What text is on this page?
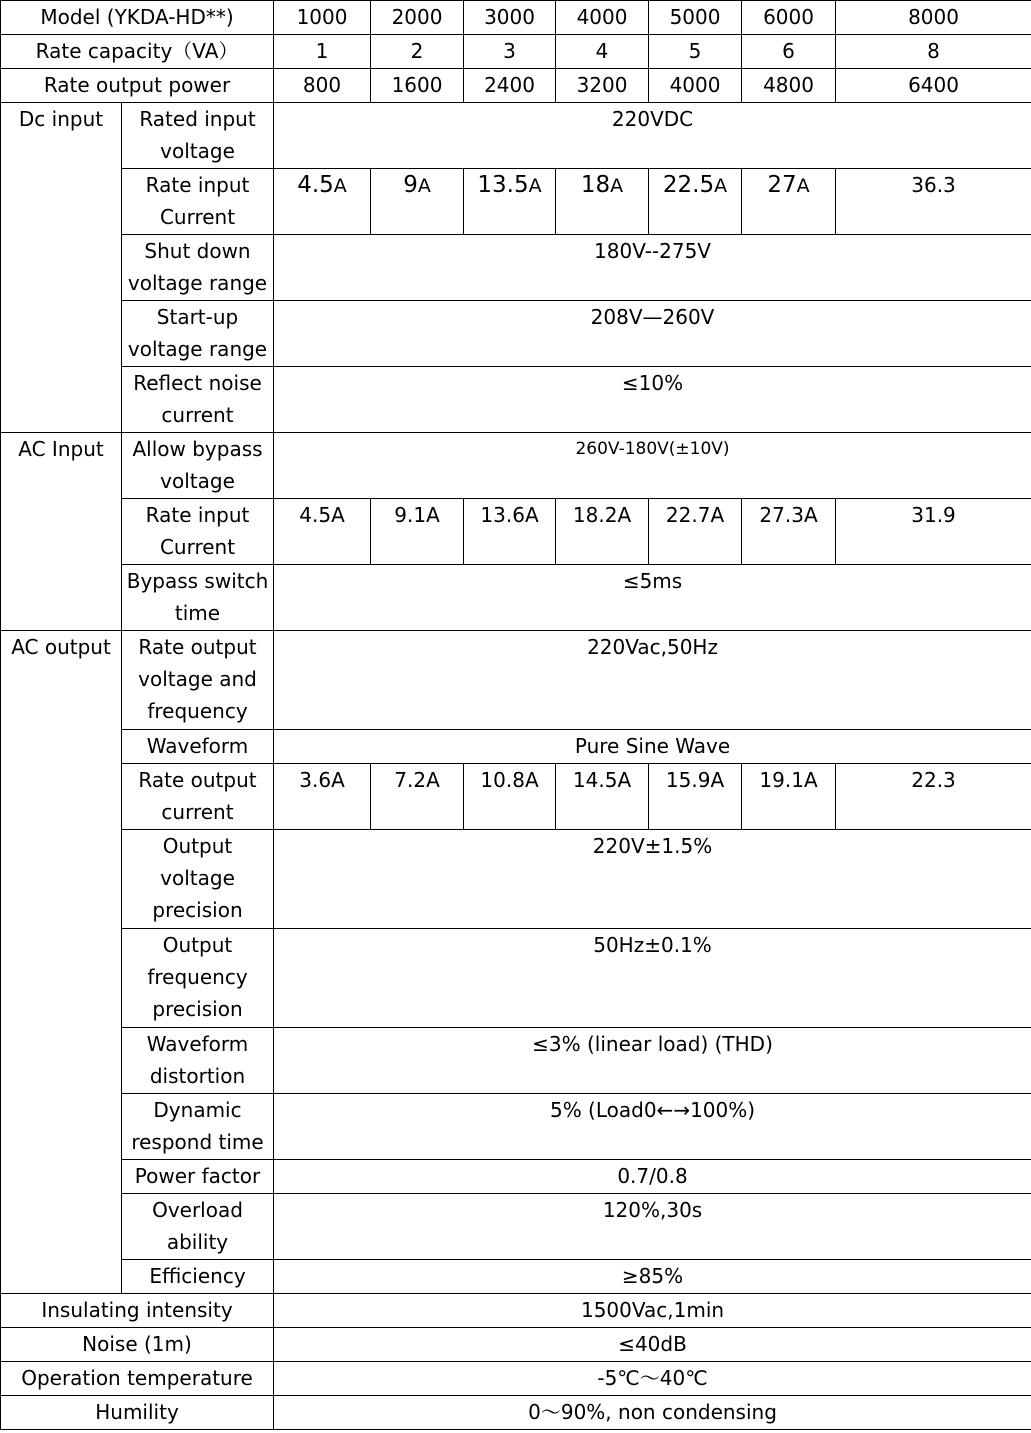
Model (YKDA-HD**)		1000	2000	3000	4000	5000	6000	8000
Rate capacity（VA）		1	2	3	4	5	6	8
Rate output power		800	1600	2400	3200	4000	4800	6400
Dc input	Rated input voltage	220VDC						
	Rate input Current	4.5A	9A	13.5A	18A	22.5A	27A	36.3
	Shut down voltage range	180V--275V						
	Start-up voltage range	208V—260V						
	Reflect noise current	≤10%						
AC Input	Allow bypass voltage	260V-180V(±10V)						
	Rate input Current	4.5A	9.1A	13.6A	18.2A	22.7A	27.3A	31.9
	Bypass switch time	≤5ms						
AC output	Rate output voltage and frequency	220Vac,50Hz						
	Waveform	Pure Sine Wave						
	Rate output current	3.6A	7.2A	10.8A	14.5A	15.9A	19.1A	22.3
	Output voltage precision	220V±1.5%						
	Output frequency precision	50Hz±0.1%						
	Waveform distortion	≤3% (linear load) (THD)						
	Dynamic respond time	5% (Load0←→100%)						
	Power factor	0.7/0.8						
	Overload ability	120%,30s						
	Efficiency	≥85%						
Insulating intensity		1500Vac,1min						
Noise (1m)		≤40dB						
Operation temperature		-5℃～40℃						
Humility		0～90%, non condensing						
